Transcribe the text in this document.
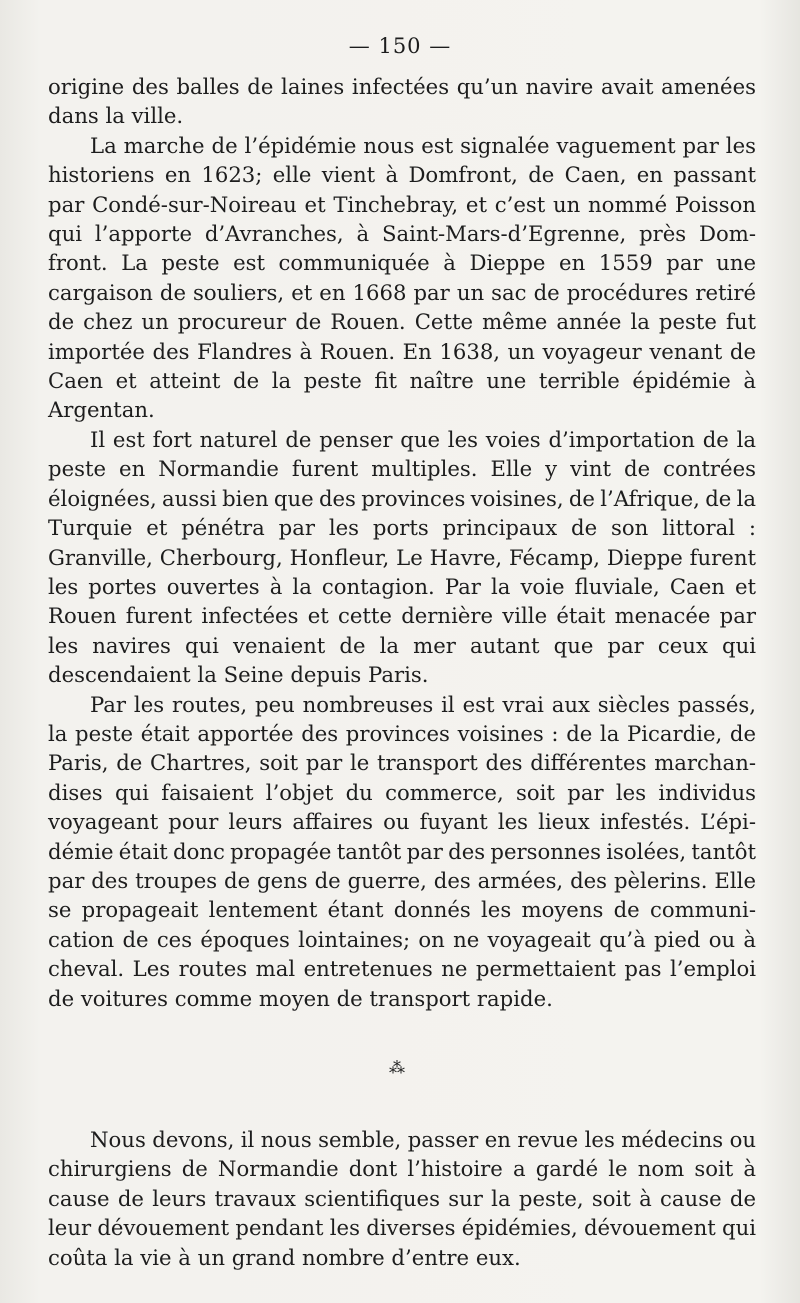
— 150 —
origine des balles de laines infectées qu’un navire avait amenées
dans la ville.
La marche de l’épidémie nous est signalée vaguement par les
historiens en 1623; elle vient à Domfront, de Caen, en passant
par Condé-sur-Noireau et Tinchebray, et c’est un nommé Poisson
qui l’apporte d’Avranches, à Saint-Mars-d’Egrenne, près Dom-
front. La peste est communiquée à Dieppe en 1559 par une
cargaison de souliers, et en 1668 par un sac de procédures retiré
de chez un procureur de Rouen. Cette même année la peste fut
importée des Flandres à Rouen. En 1638, un voyageur venant de
Caen et atteint de la peste fit naître une terrible épidémie à
Argentan.
Il est fort naturel de penser que les voies d’importation de la
peste en Normandie furent multiples. Elle y vint de contrées
éloignées, aussi bien que des provinces voisines, de l’Afrique, de la
Turquie et pénétra par les ports principaux de son littoral :
Granville, Cherbourg, Honfleur, Le Havre, Fécamp, Dieppe furent
les portes ouvertes à la contagion. Par la voie fluviale, Caen et
Rouen furent infectées et cette dernière ville était menacée par
les navires qui venaient de la mer autant que par ceux qui
descendaient la Seine depuis Paris.
Par les routes, peu nombreuses il est vrai aux siècles passés,
la peste était apportée des provinces voisines : de la Picardie, de
Paris, de Chartres, soit par le transport des différentes marchan-
dises qui faisaient l’objet du commerce, soit par les individus
voyageant pour leurs affaires ou fuyant les lieux infestés. L’épi-
démie était donc propagée tantôt par des personnes isolées, tantôt
par des troupes de gens de guerre, des armées, des pèlerins. Elle
se propageait lentement étant donnés les moyens de communi-
cation de ces époques lointaines; on ne voyageait qu’à pied ou à
cheval. Les routes mal entretenues ne permettaient pas l’emploi
de voitures comme moyen de transport rapide.
⁂
Nous devons, il nous semble, passer en revue les médecins ou
chirurgiens de Normandie dont l’histoire a gardé le nom soit à
cause de leurs travaux scientifiques sur la peste, soit à cause de
leur dévouement pendant les diverses épidémies, dévouement qui
coûta la vie à un grand nombre d’entre eux.
